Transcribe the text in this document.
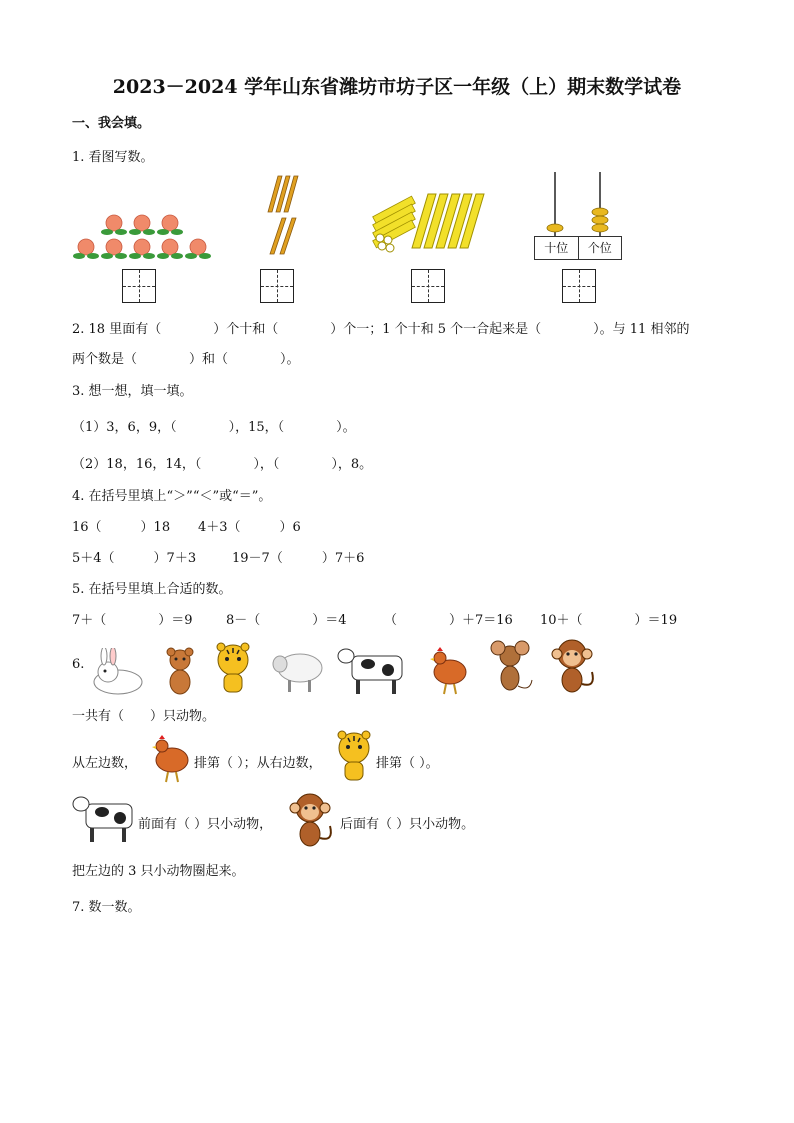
2023－2024 学年山东省潍坊市坊子区一年级（上）期末数学试卷
一、我会填。
1. 看图写数。
十位	个位
2. 18 里面有（　　　　）个十和（　　　　）个一；1 个十和 5 个一合起来是（　　　　）。与 11 相邻的
两个数是（　　　　）和（　　　　）。
3. 想一想，填一填。
（1）3，6，9，（　　　　），15，（　　　　）。
（2）18，16，14，（　　　　），（　　　　），8。
4. 在括号里填上“＞”“＜”或“＝”。
16（　　　）18 4＋3（　　　）6
5＋4（　　　）7＋3	19－7（　　　）7＋6
5. 在括号里填上合适的数。
7＋（　　　　）＝9	8－（　　　　）＝4	（　　　　）＋7＝16 10＋（　　　　）＝19
6.
一共有（　　）只动物。
从左边数，	排第（ ）；从右边数，	排第（ ）。
前面有（ ）只小动物，	后面有（ ）只小动物。
把左边的 3 只小动物圈起来。
7. 数一数。
